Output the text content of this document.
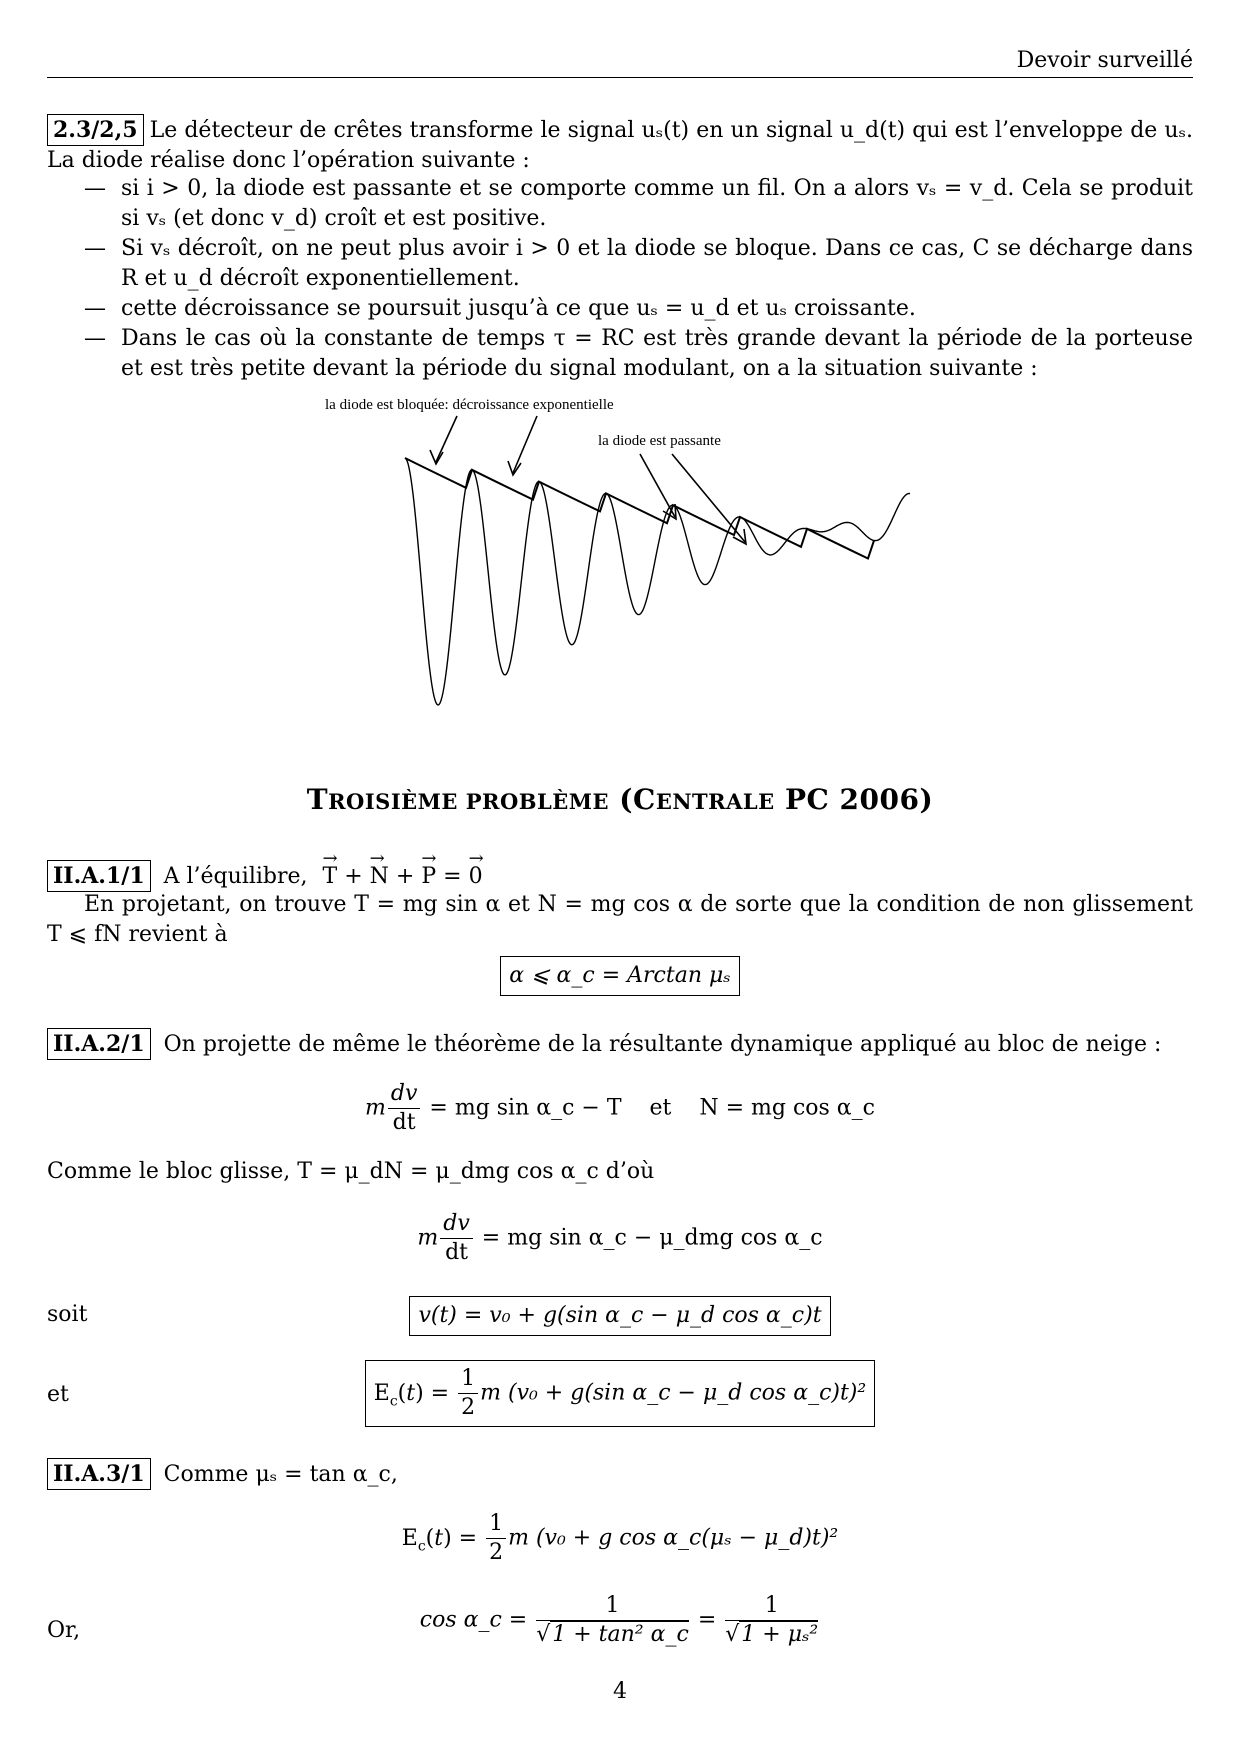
Devoir surveillé
2.3/2,5 Le détecteur de crêtes transforme le signal uₛ(t) en un signal u_d(t) qui est l’enveloppe de uₛ. La diode réalise donc l’opération suivante :
— si i > 0, la diode est passante et se comporte comme un fil. On a alors vₛ = v_d. Cela se produit si vₛ (et donc v_d) croît et est positive.
— Si vₛ décroît, on ne peut plus avoir i > 0 et la diode se bloque. Dans ce cas, C se décharge dans R et u_d décroît exponentiellement.
— cette décroissance se poursuit jusqu’à ce que uₛ = u_d et uₛ croissante.
— Dans le cas où la constante de temps τ = RC est très grande devant la période de la porteuse et est très petite devant la période du signal modulant, on a la situation suivante :
la diode est bloquée: décroissance exponentielle
la diode est passante
TROISIÈME PROBLÈME (CENTRALE PC 2006)
II.A.1/1 A l’équilibre,
→
T +
→
N +
→
P =
→
0
En projetant, on trouve T = mg sin α et N = mg cos α de sorte que la condition de non glissement T ⩽ fN revient à
α ⩽ α_c = Arctan μₛ
II.A.2/1 On projette de même le théorème de la résultante dynamique appliqué au bloc de neige :
m $\frac{dv}{dt}$ = mg sin α_c − T    et    N = mg cos α_c
Comme le bloc glisse, T = μ_dN = μ_dmg cos α_c d’où
m $\frac{dv}{dt}$ = mg sin α_c − μ_dmg cos α_c
soit	v(t) = v₀ + g(sin α_c − μ_d cos α_c)t
et	$E_c(t) = \frac{1}{2}$ m (v₀ + g(sin α_c − μ_d cos α_c)t)²
II.A.3/1 Comme μₛ = tan α_c,
$E_c(t) = \frac{1}{2}$ m (v₀ + g cos α_c(μₛ − μ_d)t)²
Or,	cos α_c = $\frac{1}{\text{√1 + tan² α\_c}} = \frac{1}{\text{√1 + μₛ²}}$
4
